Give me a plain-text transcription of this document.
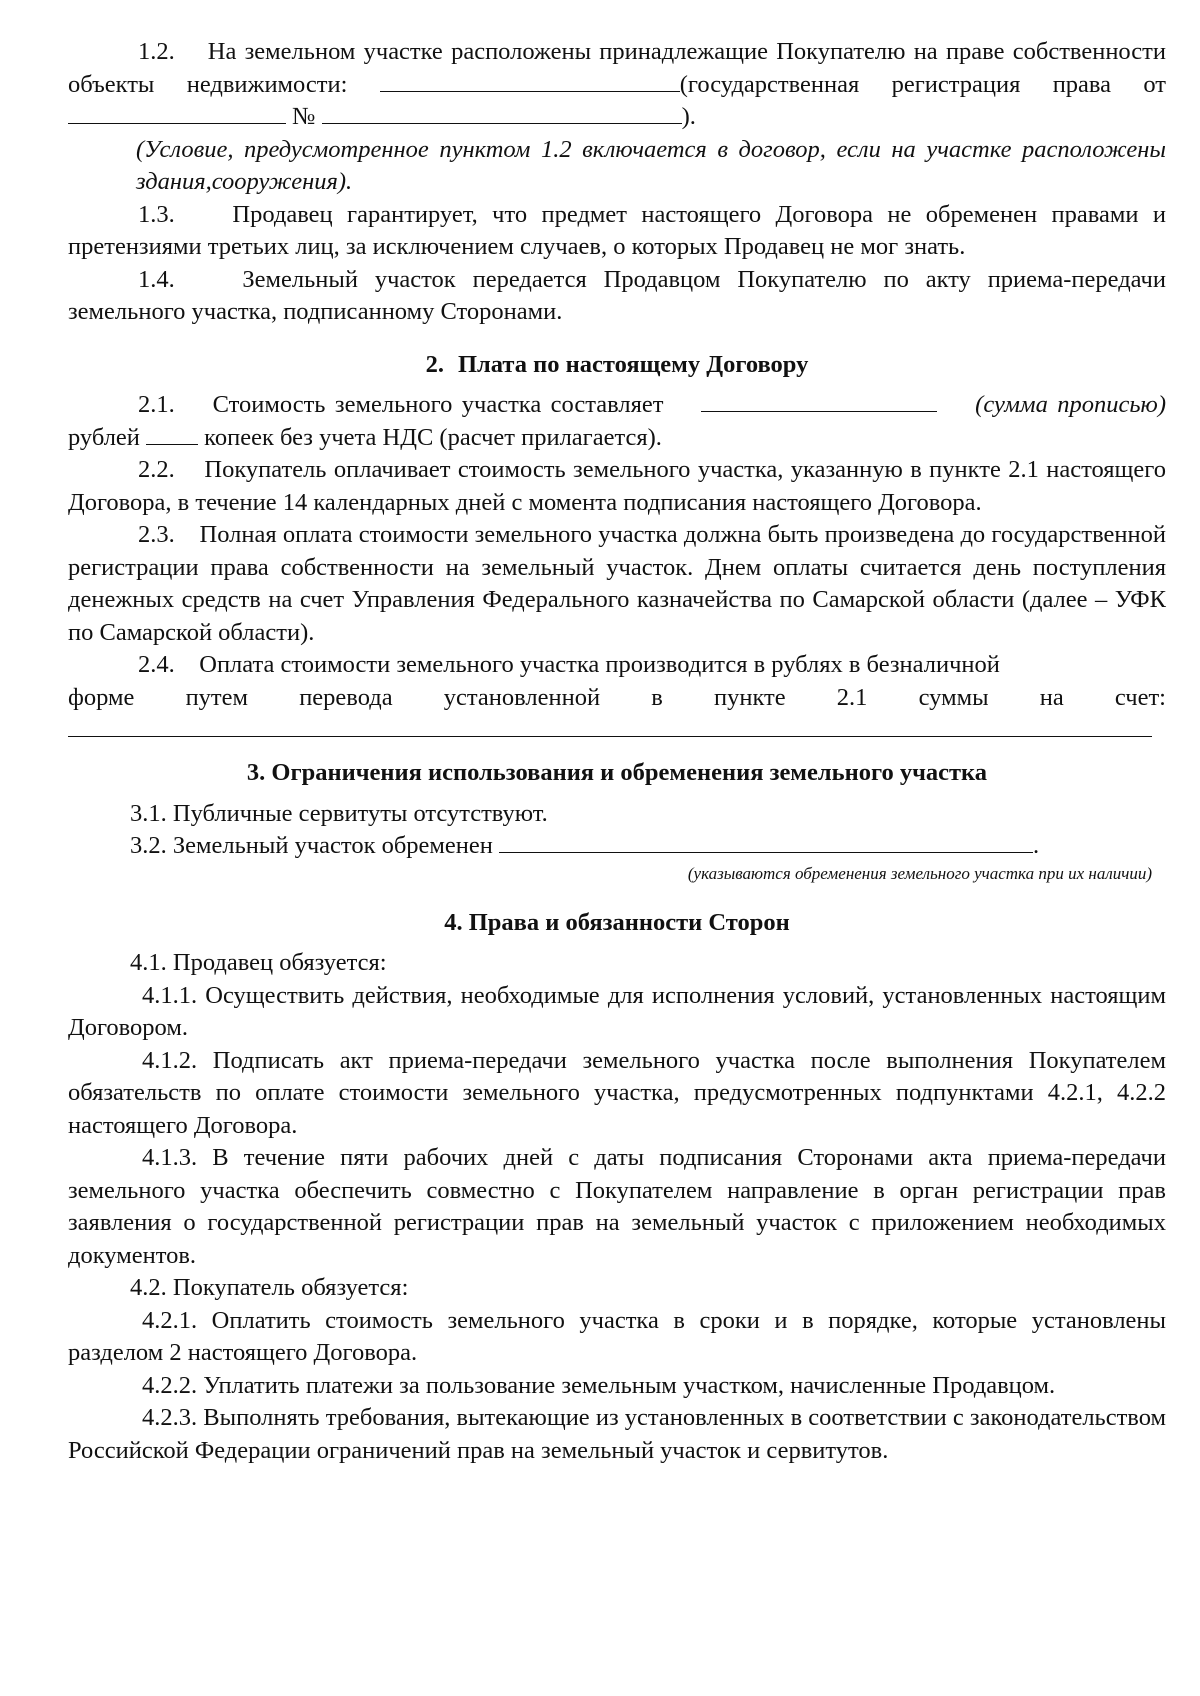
1.2. На земельном участке расположены принадлежащие Покупателю на праве собственности объекты недвижимости:	(государственная регистрация права от  №	).

(Условие, предусмотренное пунктом 1.2 включается в договор, если на участке расположены здания,сооружения).

1.3. Продавец гарантирует, что предмет настоящего Договора не обременен правами и претензиями третьих лиц, за исключением случаев, о которых Продавец не мог знать.

1.4.	Земельный участок передается Продавцом Покупателю по акту приема-передачи земельного участка, подписанному Сторонами.

2. Плата по настоящему Договору

2.1. Стоимость земельного участка составляет	(сумма прописью) рублей	копеек без учета НДС (расчет прилагается).

2.2. Покупатель оплачивает стоимость земельного участка, указанную в пункте 2.1 настоящего Договора, в течение 14 календарных дней с момента подписания настоящего Договора.

2.3. Полная оплата стоимости земельного участка должна быть произведена до государственной регистрации права собственности на земельный участок. Днем оплаты считается день поступления денежных средств на счет Управления Федерального казначейства по Самарской области (далее – УФК по Самарской области).

2.4. Оплата стоимости земельного участка производится в рублях в безналичной

форме путем перевода установленной в пункте 2.1 суммы на счет:

3. Ограничения использования и обременения земельного участка

3.1. Публичные сервитуты отсутствуют.

3.2. Земельный участок обременен	.

(указываются обременения земельного участка при их наличии)

4. Права и обязанности Сторон

4.1. Продавец обязуется:

4.1.1. Осуществить действия, необходимые для исполнения условий, установленных настоящим Договором.

4.1.2. Подписать акт приема-передачи земельного участка после выполнения Покупателем обязательств по оплате стоимости земельного участка, предусмотренных подпунктами 4.2.1, 4.2.2 настоящего Договора.

4.1.3. В течение пяти рабочих дней с даты подписания Сторонами акта приема-передачи земельного участка обеспечить совместно с Покупателем направление в орган регистрации прав заявления о государственной регистрации прав на земельный участок с приложением необходимых документов.

4.2. Покупатель обязуется:

4.2.1. Оплатить стоимость земельного участка в сроки и в порядке, которые установлены разделом 2 настоящего Договора.

4.2.2. Уплатить платежи за пользование земельным участком, начисленные Продавцом.

4.2.3. Выполнять требования, вытекающие из установленных в соответствии с законодательством Российской Федерации ограничений прав на земельный участок и сервитутов.
